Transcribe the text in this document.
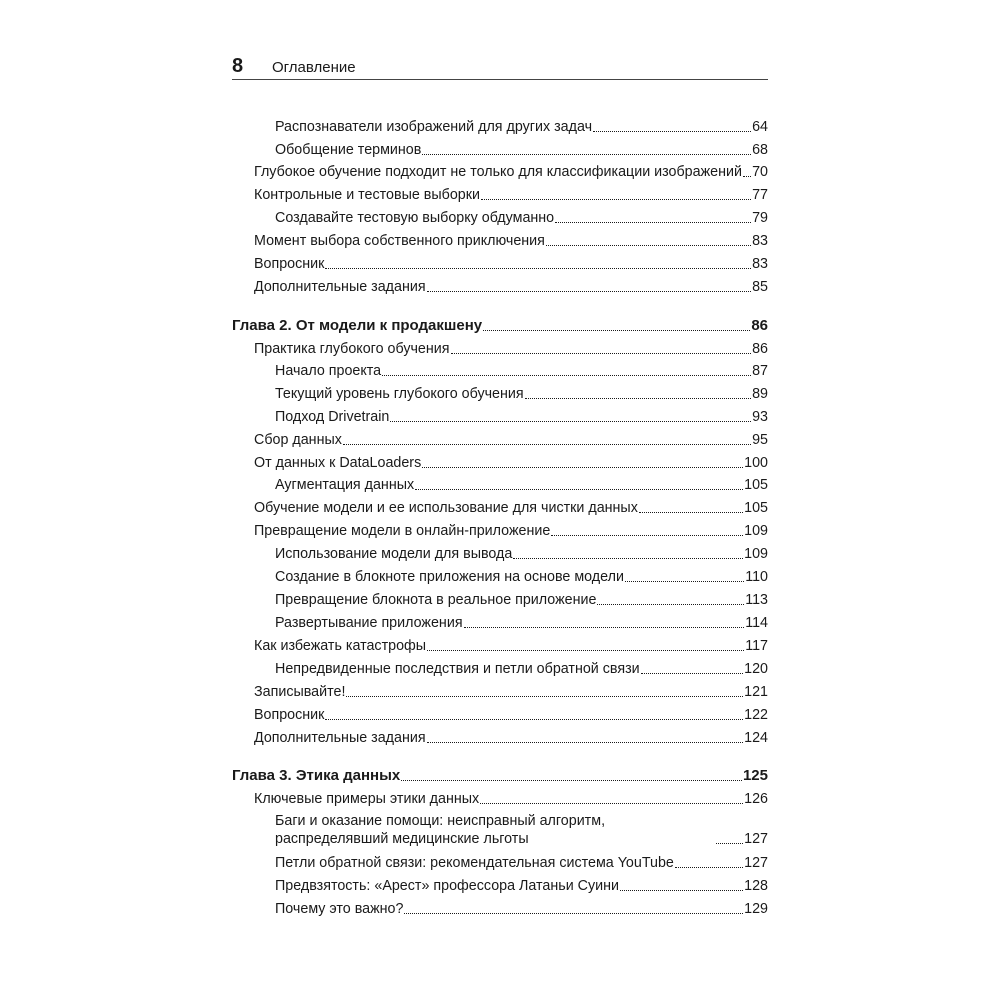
8 Оглавление
Распознаватели изображений для других задач	64
Обобщение терминов	68
Глубокое обучение подходит не только для классификации изображений 70
Контрольные и тестовые выборки	77
Создавайте тестовую выборку обдуманно	79
Момент выбора собственного приключения	83
Вопросник	83
Дополнительные задания	85
Глава 2. От модели к продакшену	86
Практика глубокого обучения	86
Начало проекта	87
Текущий уровень глубокого обучения	89
Подход Drivetrain	93
Сбор данных	95
От данных к DataLoaders	100
Аугментация данных	105
Обучение модели и ее использование для чистки данных	105
Превращение модели в онлайн-приложение	109
Использование модели для вывода	109
Создание в блокноте приложения на основе модели	110
Превращение блокнота в реальное приложение	113
Развертывание приложения	114
Как избежать катастрофы	117
Непредвиденные последствия и петли обратной связи	120
Записывайте!	121
Вопросник	122
Дополнительные задания	124
Глава 3. Этика данных	125
Ключевые примеры этики данных	126
Баги и оказание помощи: неисправный алгоритм, распределявший медицинские льготы	127
Петли обратной связи: рекомендательная система YouTube	127
Предвзятость: «Арест» профессора Латаньи Суини	128
Почему это важно?	129
